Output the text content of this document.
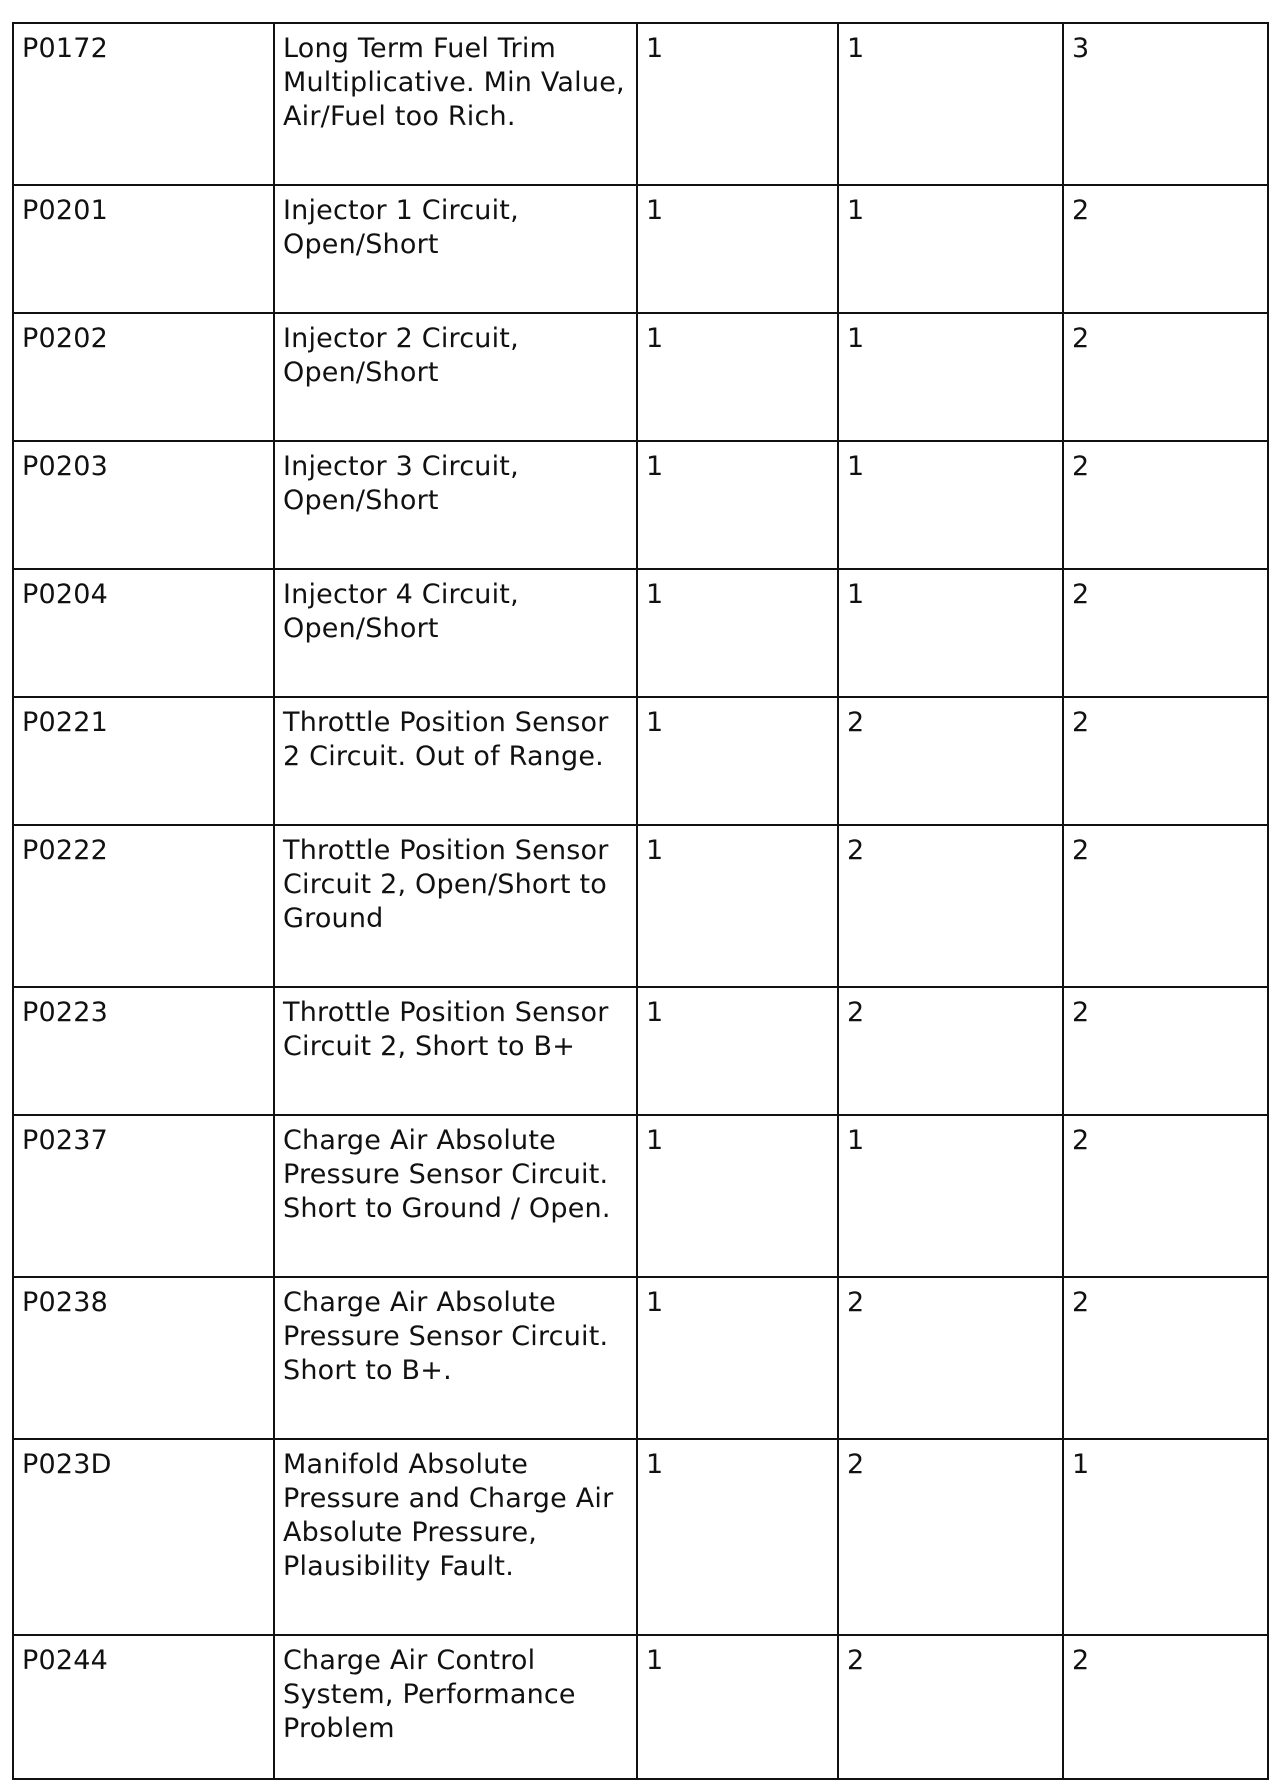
P0172	Long Term Fuel Trim Multiplicative. Min Value, Air/Fuel too Rich.	1	1	3
P0201	Injector 1 Circuit, Open/Short	1	1	2
P0202	Injector 2 Circuit, Open/Short	1	1	2
P0203	Injector 3 Circuit, Open/Short	1	1	2
P0204	Injector 4 Circuit, Open/Short	1	1	2
P0221	Throttle Position Sensor 2 Circuit. Out of Range.	1	2	2
P0222	Throttle Position Sensor Circuit 2, Open/Short to Ground	1	2	2
P0223	Throttle Position Sensor Circuit 2, Short to B+	1	2	2
P0237	Charge Air Absolute Pressure Sensor Circuit. Short to Ground / Open.	1	1	2
P0238	Charge Air Absolute Pressure Sensor Circuit. Short to B+.	1	2	2
P023D	Manifold Absolute Pressure and Charge Air Absolute Pressure, Plausibility Fault.	1	2	1
P0244	Charge Air Control System, Performance Problem	1	2	2
